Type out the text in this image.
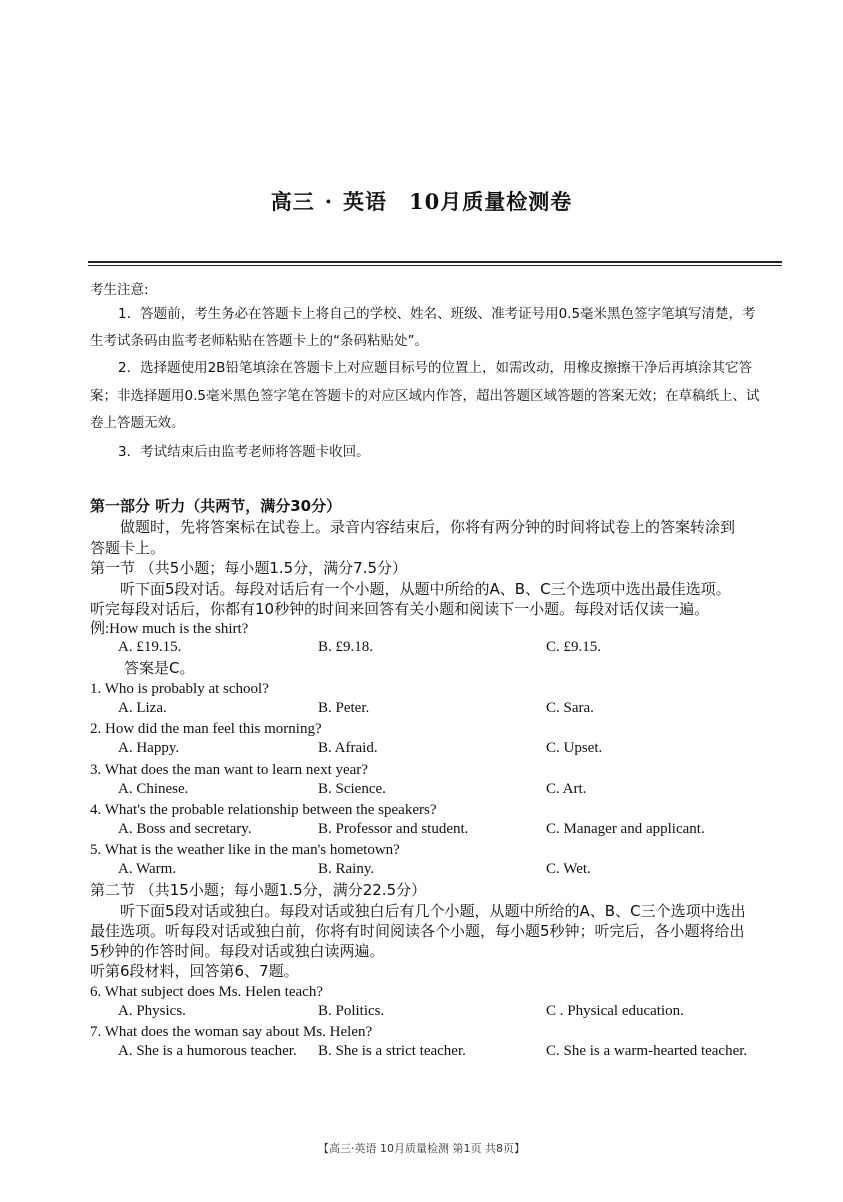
高三 · 英语 10月质量检测卷
考生注意:
1．答题前，考生务必在答题卡上将自己的学校、姓名、班级、准考证号用0.5毫米黑色签字笔填写清楚，考
生考试条码由监考老师粘贴在答题卡上的“条码粘贴处”。
2．选择题使用2B铅笔填涂在答题卡上对应题目标号的位置上，如需改动，用橡皮擦擦干净后再填涂其它答
案；非选择题用0.5毫米黑色签字笔在答题卡的对应区域内作答，超出答题区域答题的答案无效；在草稿纸上、试
卷上答题无效。
3．考试结束后由监考老师将答题卡收回。
第一部分 听力（共两节，满分30分）
做题时，先将答案标在试卷上。录音内容结束后，你将有两分钟的时间将试卷上的答案转涂到
答题卡上。
第一节 （共5小题；每小题1.5分，满分7.5分）
听下面5段对话。每段对话后有一个小题，从题中所给的A、B、C三个选项中选出最佳选项。
听完每段对话后，你都有10秒钟的时间来回答有关小题和阅读下一小题。每段对话仅读一遍。
例:How much is the shirt?
A. £19.15.	B. £9.18.	C. £9.15.
答案是C。
1. Who is probably at school?
A. Liza.	B. Peter.	C. Sara.
2. How did the man feel this morning?
A. Happy.	B. Afraid.	C. Upset.
3. What does the man want to learn next year?
A. Chinese.	B. Science.	C. Art.
4. What's the probable relationship between the speakers?
A. Boss and secretary.	B. Professor and student.	C. Manager and applicant.
5. What is the weather like in the man's hometown?
A. Warm.	B. Rainy.	C. Wet.
第二节 （共15小题；每小题1.5分，满分22.5分）
听下面5段对话或独白。每段对话或独白后有几个小题，从题中所给的A、B、C三个选项中选出
最佳选项。听每段对话或独白前，你将有时间阅读各个小题，每小题5秒钟；听完后，各小题将给出
5秒钟的作答时间。每段对话或独白读两遍。
听第6段材料，回答第6、7题。
6. What subject does Ms. Helen teach?
A. Physics.	B. Politics.	C . Physical education.
7. What does the woman say about Ms. Helen?
A. She is a humorous teacher. B. She is a strict teacher.	C. She is a warm-hearted teacher.
【高三·英语 10月质量检测 第1页 共8页】
